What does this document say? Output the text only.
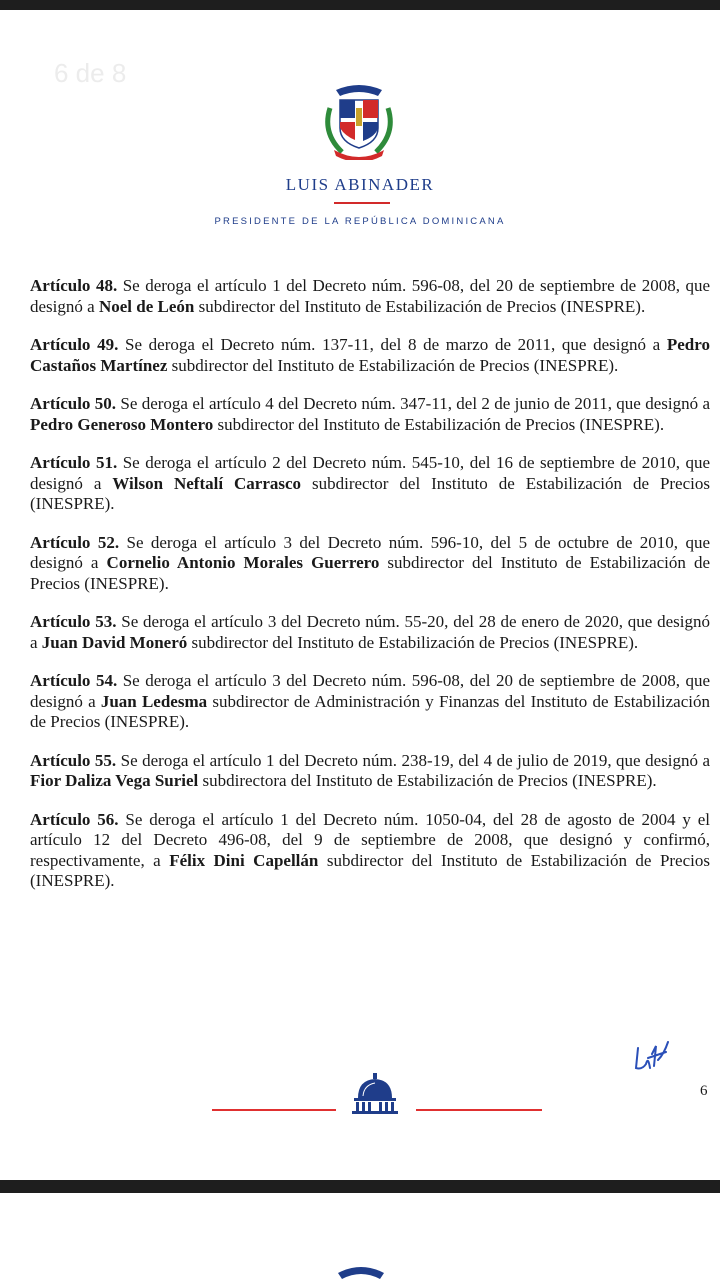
6 de 8
LUIS ABINADER
PRESIDENTE DE LA REPÚBLICA DOMINICANA

Artículo 48. Se deroga el artículo 1 del Decreto núm. 596-08, del 20 de septiembre de 2008, que designó a Noel de León subdirector del Instituto de Estabilización de Precios (INESPRE).

Artículo 49. Se deroga el Decreto núm. 137-11, del 8 de marzo de 2011, que designó a Pedro Castaños Martínez subdirector del Instituto de Estabilización de Precios (INESPRE).

Artículo 50. Se deroga el artículo 4 del Decreto núm. 347-11, del 2 de junio de 2011, que designó a Pedro Generoso Montero subdirector del Instituto de Estabilización de Precios (INESPRE).

Artículo 51. Se deroga el artículo 2 del Decreto núm. 545-10, del 16 de septiembre de 2010, que designó a Wilson Neftalí Carrasco subdirector del Instituto de Estabilización de Precios (INESPRE).

Artículo 52. Se deroga el artículo 3 del Decreto núm. 596-10, del 5 de octubre de 2010, que designó a Cornelio Antonio Morales Guerrero subdirector del Instituto de Estabilización de Precios (INESPRE).

Artículo 53. Se deroga el artículo 3 del Decreto núm. 55-20, del 28 de enero de 2020, que designó a Juan David Moneró subdirector del Instituto de Estabilización de Precios (INESPRE).

Artículo 54. Se deroga el artículo 3 del Decreto núm. 596-08, del 20 de septiembre de 2008, que designó a Juan Ledesma subdirector de Administración y Finanzas del Instituto de Estabilización de Precios (INESPRE).

Artículo 55. Se deroga el artículo 1 del Decreto núm. 238-19, del 4 de julio de 2019, que designó a Fior Daliza Vega Suriel subdirectora del Instituto de Estabilización de Precios (INESPRE).

Artículo 56. Se deroga el artículo 1 del Decreto núm. 1050-04, del 28 de agosto de 2004 y el artículo 12 del Decreto 496-08, del 9 de septiembre de 2008, que designó y confirmó, respectivamente, a Félix Dini Capellán subdirector del Instituto de Estabilización de Precios (INESPRE).

6
